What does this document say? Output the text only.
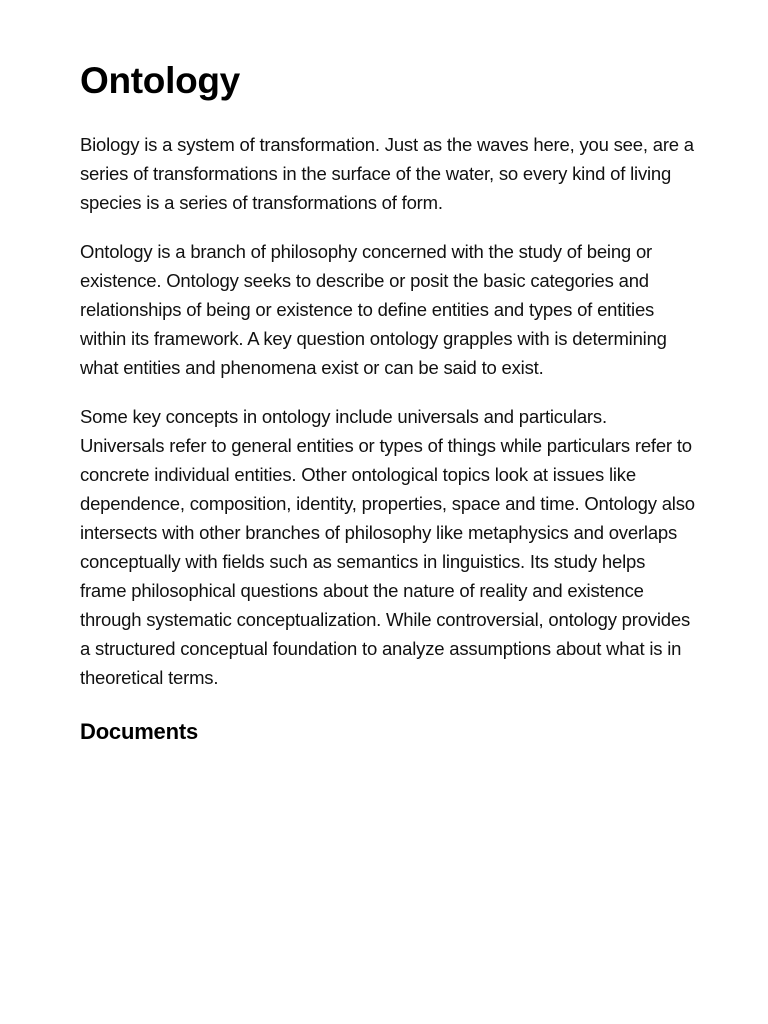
Ontology

Biology is a system of transformation. Just as the waves here, you see, are a series of transformations in the surface of the water, so every kind of living species is a series of transformations of form.

Ontology is a branch of philosophy concerned with the study of being or existence. Ontology seeks to describe or posit the basic categories and relationships of being or existence to define entities and types of entities within its framework. A key question ontology grapples with is determining what entities and phenomena exist or can be said to exist.

Some key concepts in ontology include universals and particulars. Universals refer to general entities or types of things while particulars refer to concrete individual entities. Other ontological topics look at issues like dependence, composition, identity, properties, space and time. Ontology also intersects with other branches of philosophy like metaphysics and overlaps conceptually with fields such as semantics in linguistics. Its study helps frame philosophical questions about the nature of reality and existence through systematic conceptualization. While controversial, ontology provides a structured conceptual foundation to analyze assumptions about what is in theoretical terms.

Documents
